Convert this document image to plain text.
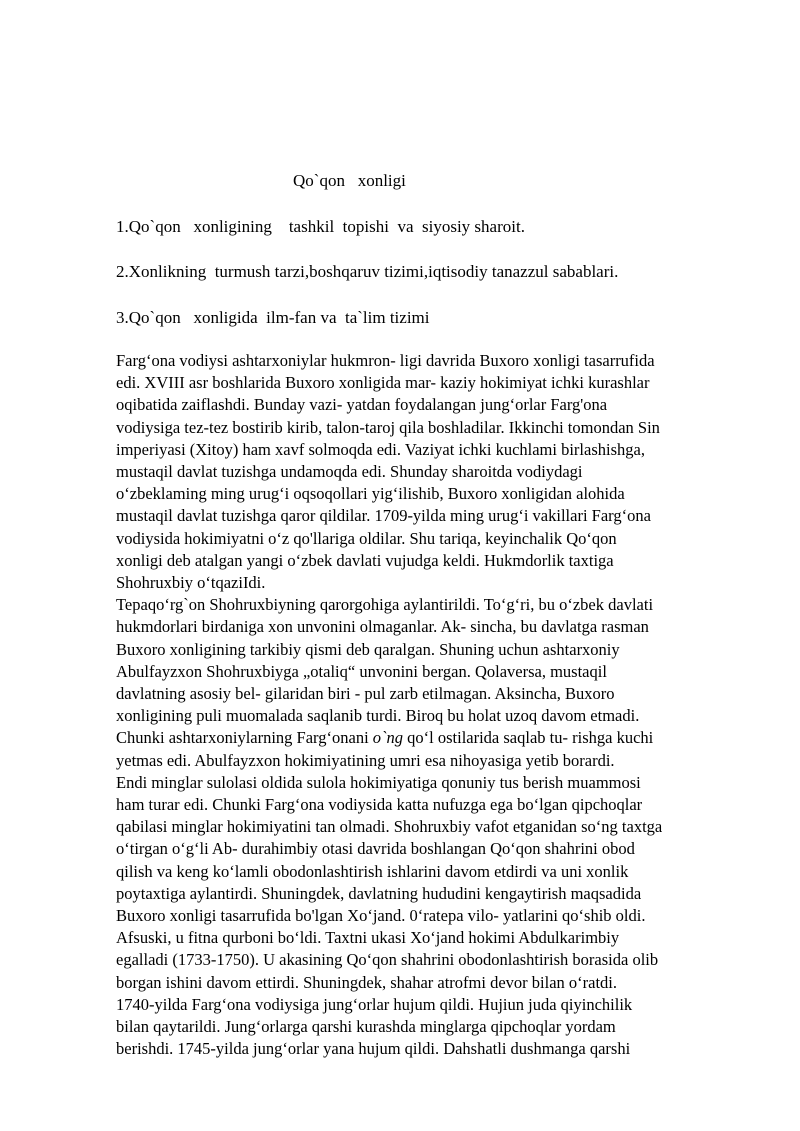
Qo`qon   xonligi

1.Qo`qon   xonligining    tashkil  topishi  va  siyosiy sharoit.

2.Xonlikning  turmush tarzi,boshqaruv tizimi,iqtisodiy tanazzul sabablari.

3.Qo`qon   xonligida  ilm-fan va  ta`lim tizimi

Farg‘ona vodiysi ashtarxoniylar hukmron- ligi davrida Buxoro xonligi tasarrufida
edi. XVIII asr boshlarida Buxoro xonligida mar- kaziy hokimiyat ichki kurashlar
oqibatida zaiflashdi. Bunday vazi- yatdan foydalangan jung‘orlar Farg'ona
vodiysiga tez-tez bostirib kirib, talon-taroj qila boshladilar. Ikkinchi tomondan Sin
imperiyasi (Xitoy) ham xavf solmoqda edi. Vaziyat ichki kuchlami birlashishga,
mustaqil davlat tuzishga undamoqda edi. Shunday sharoitda vodiydagi
o‘zbeklaming ming urug‘i oqsoqollari yig‘ilishib, Buxoro xonligidan alohida
mustaqil davlat tuzishga qaror qildilar. 1709-yilda ming urug‘i vakillari Farg‘ona
vodiysida hokimiyatni o‘z qo'llariga oldilar. Shu tariqa, keyinchalik Qo‘qon
xonligi deb atalgan yangi o‘zbek davlati vujudga keldi. Hukmdorlik taxtiga
Shohruxbiy o‘tqaziIdi.
Tepaqo‘rg`on Shohruxbiyning qarorgohiga aylantirildi. To‘g‘ri, bu o‘zbek davlati
hukmdorlari birdaniga xon unvonini olmaganlar. Ak- sincha, bu davlatga rasman
Buxoro xonligining tarkibiy qismi deb qaralgan. Shuning uchun ashtarxoniy
Abulfayzxon Shohruxbiyga „otaliq“ unvonini bergan. Qolaversa, mustaqil
davlatning asosiy bel- gilaridan biri - pul zarb etilmagan. Aksincha, Buxoro
xonligining puli muomalada saqlanib turdi. Biroq bu holat uzoq davom etmadi.
Chunki ashtarxoniylarning Farg‘onani o`ng qo‘l ostilarida saqlab tu- rishga kuchi
yetmas edi. Abulfayzxon hokimiyatining umri esa nihoyasiga yetib borardi.
Endi minglar sulolasi oldida sulola hokimiyatiga qonuniy tus berish muammosi
ham turar edi. Chunki Farg‘ona vodiysida katta nufuzga ega bo‘lgan qipchoqlar
qabilasi minglar hokimiyatini tan olmadi. Shohruxbiy vafot etganidan so‘ng taxtga
o‘tirgan o‘g‘li Ab- durahimbiy otasi davrida boshlangan Qo‘qon shahrini obod
qilish va keng ko‘lamli obodonlashtirish ishlarini davom etdirdi va uni xonlik
poytaxtiga aylantirdi. Shuningdek, davlatning hududini kengaytirish maqsadida
Buxoro xonligi tasarrufida bo'lgan Xo‘jand. 0‘ratepa vilo- yatlarini qo‘shib oldi.
Afsuski, u fitna qurboni bo‘ldi. Taxtni ukasi Xo‘jand hokimi Abdulkarimbiy
egalladi (1733-1750). U akasining Qo‘qon shahrini obodonlashtirish borasida olib
borgan ishini davom ettirdi. Shuningdek, shahar atrofmi devor bilan o‘ratdi.
1740-yilda Farg‘ona vodiysiga jung‘orlar hujum qildi. Hujiun juda qiyinchilik
bilan qaytarildi. Jung‘orlarga qarshi kurashda minglarga qipchoqlar yordam
berishdi. 1745-yilda jung‘orlar yana hujum qildi. Dahshatli dushmanga qarshi
